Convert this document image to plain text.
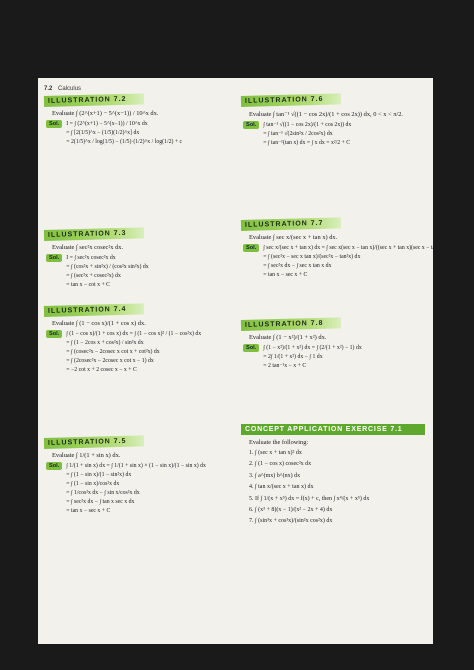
7.2 Calculus
ILLUSTRATION 7.2
Evaluate ∫ (2^(x+1) − 5^(x−1)) / 10^x dx.
Sol.	I = ∫ (2^(x+1) − 5^(x−1)) / 10^x dx
= ∫ [2(1/5)^x − (1/5)(1/2)^x] dx
= 2(1/5)^x / log(1/5) − (1/5)·(1/2)^x / log(1/2) + c
ILLUSTRATION 7.3
Evaluate ∫ sec²x cosec²x dx.
Sol.	I = ∫ sec²x cosec²x dx
= ∫ (cos²x + sin²x) / (cos²x sin²x) dx
= ∫ (sec²x + cosec²x) dx
= tan x − cot x + C
ILLUSTRATION 7.4
Evaluate ∫ (1 − cos x)/(1 + cos x) dx.
Sol.	∫ (1 − cos x)/(1 + cos x) dx = ∫ (1 − cos x)² / (1 − cos²x) dx
= ∫ (1 − 2cos x + cos²x) / sin²x dx
= ∫ (cosec²x − 2cosec x cot x + cot²x) dx
= ∫ (2cosec²x − 2cosec x cot x − 1) dx
= −2 cot x + 2 cosec x − x + C
ILLUSTRATION 7.5
Evaluate ∫ 1/(1 + sin x) dx.
Sol.	∫ 1/(1 + sin x) dx = ∫ 1/(1 + sin x) × (1 − sin x)/(1 − sin x) dx
= ∫ (1 − sin x)/(1 − sin²x) dx
= ∫ (1 − sin x)/cos²x dx
= ∫ 1/cos²x dx − ∫ sin x/cos²x dx
= ∫ sec²x dx − ∫ tan x sec x dx
= tan x − sec x + C
ILLUSTRATION 7.6
Evaluate ∫ tan⁻¹ √((1 − cos 2x)/(1 + cos 2x)) dx, 0 < x < π/2.
Sol.	∫ tan⁻¹ √((1 − cos 2x)/(1 + cos 2x)) dx
= ∫ tan⁻¹ √(2sin²x / 2cos²x) dx
= ∫ tan⁻¹(tan x) dx = ∫ x dx = x²/2 + C
ILLUSTRATION 7.7
Evaluate ∫ sec x/(sec x + tan x) dx.
Sol.	∫ sec x/(sec x + tan x) dx = ∫ sec x(sec x − tan x)/((sec x + tan x)(sec x − tan x)) dx
= ∫ (sec²x − sec x tan x)/(sec²x − tan²x) dx
= ∫ sec²x dx − ∫ sec x tan x dx
= tan x − sec x + C
ILLUSTRATION 7.8
Evaluate ∫ (1 − x²)/(1 + x²) dx.
Sol.	∫ (1 − x²)/(1 + x²) dx = ∫ (2/(1 + x²) − 1) dx
= 2∫ 1/(1 + x²) dx − ∫ 1 dx
= 2 tan⁻¹x − x + C
CONCEPT APPLICATION EXERCISE 7.1
Evaluate the following:
1. ∫ (sec x + tan x)² dx
2. ∫ (1 − cos x) cosec²x dx
3. ∫ a^(mx) b^(nx) dx
4. ∫ tan x/(sec x + tan x) dx
5. If ∫ 1/(x + x⁵) dx = f(x) + c, then ∫ x⁴/(x + x⁵) dx
6. ∫ (x³ + 8)(x − 1)/(x² − 2x + 4) dx
7. ∫ (sin³x + cos³x)/(sin²x cos²x) dx
